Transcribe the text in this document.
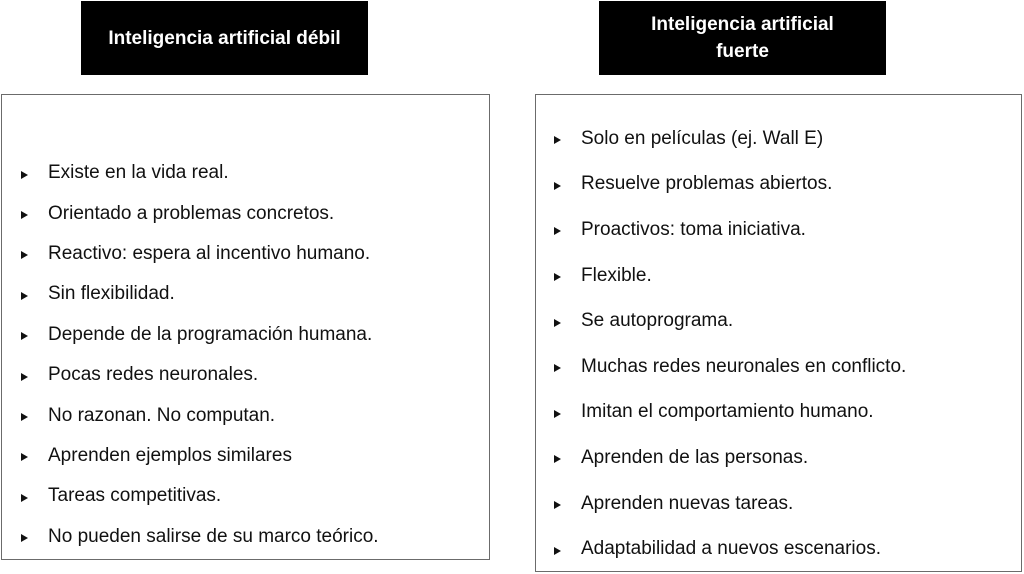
Inteligencia artificial débil
Inteligencia artificial fuerte
Existe en la vida real.
Orientado a problemas concretos.
Reactivo: espera al incentivo humano.
Sin flexibilidad.
Depende de la programación humana.
Pocas redes neuronales.
No razonan. No computan.
Aprenden ejemplos similares
Tareas competitivas.
No pueden salirse de su marco teórico.
Solo en películas (ej. Wall E)
Resuelve problemas abiertos.
Proactivos: toma iniciativa.
Flexible.
Se autoprograma.
Muchas redes neuronales en conflicto.
Imitan el comportamiento humano.
Aprenden de las personas.
Aprenden nuevas tareas.
Adaptabilidad a nuevos escenarios.
